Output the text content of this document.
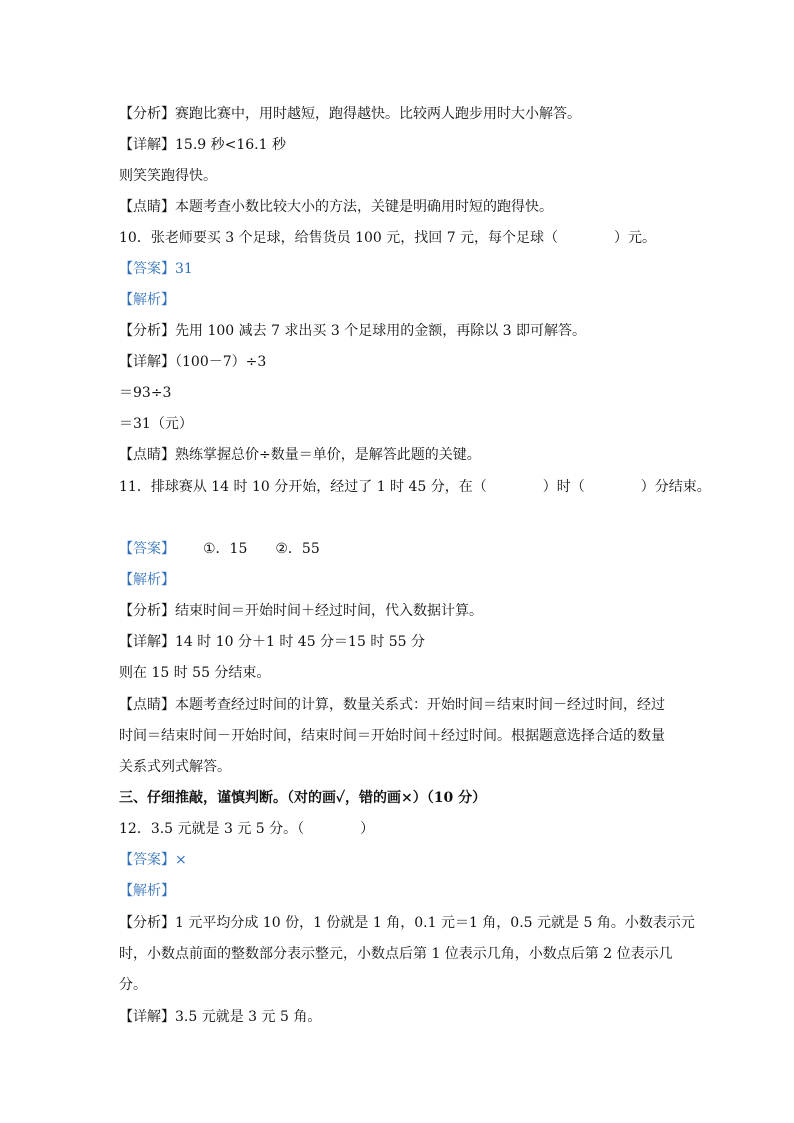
【分析】赛跑比赛中，用时越短，跑得越快。比较两人跑步用时大小解答。
【详解】15.9 秒<16.1 秒
则笑笑跑得快。
【点睛】本题考查小数比较大小的方法，关键是明确用时短的跑得快。
10．张老师要买 3 个足球，给售货员 100 元，找回 7 元，每个足球（　　　　）元。
【答案】31
【解析】
【分析】先用 100 减去 7 求出买 3 个足球用的金额，再除以 3 即可解答。
【详解】（100－7）÷3
＝93÷3
＝31（元）
【点睛】熟练掌握总价÷数量＝单价，是解答此题的关键。
11．排球赛从 14 时 10 分开始，经过了 1 时 45 分，在（　　　　）时（　　　　）分结束。
【答案】 ①．15 ②．55
【解析】
【分析】结束时间＝开始时间＋经过时间，代入数据计算。
【详解】14 时 10 分＋1 时 45 分＝15 时 55 分
则在 15 时 55 分结束。
【点睛】本题考查经过时间的计算，数量关系式：开始时间＝结束时间－经过时间，经过
时间＝结束时间－开始时间，结束时间＝开始时间＋经过时间。根据题意选择合适的数量
关系式列式解答。
三、仔细推敲，谨慎判断。（对的画✓，错的画×）（10 分）
12．3.5 元就是 3 元 5 分。（　　　　）
【答案】×
【解析】
【分析】1 元平均分成 10 份，1 份就是 1 角，0.1 元＝1 角，0.5 元就是 5 角。小数表示元
时，小数点前面的整数部分表示整元，小数点后第 1 位表示几角，小数点后第 2 位表示几
分。
【详解】3.5 元就是 3 元 5 角。
